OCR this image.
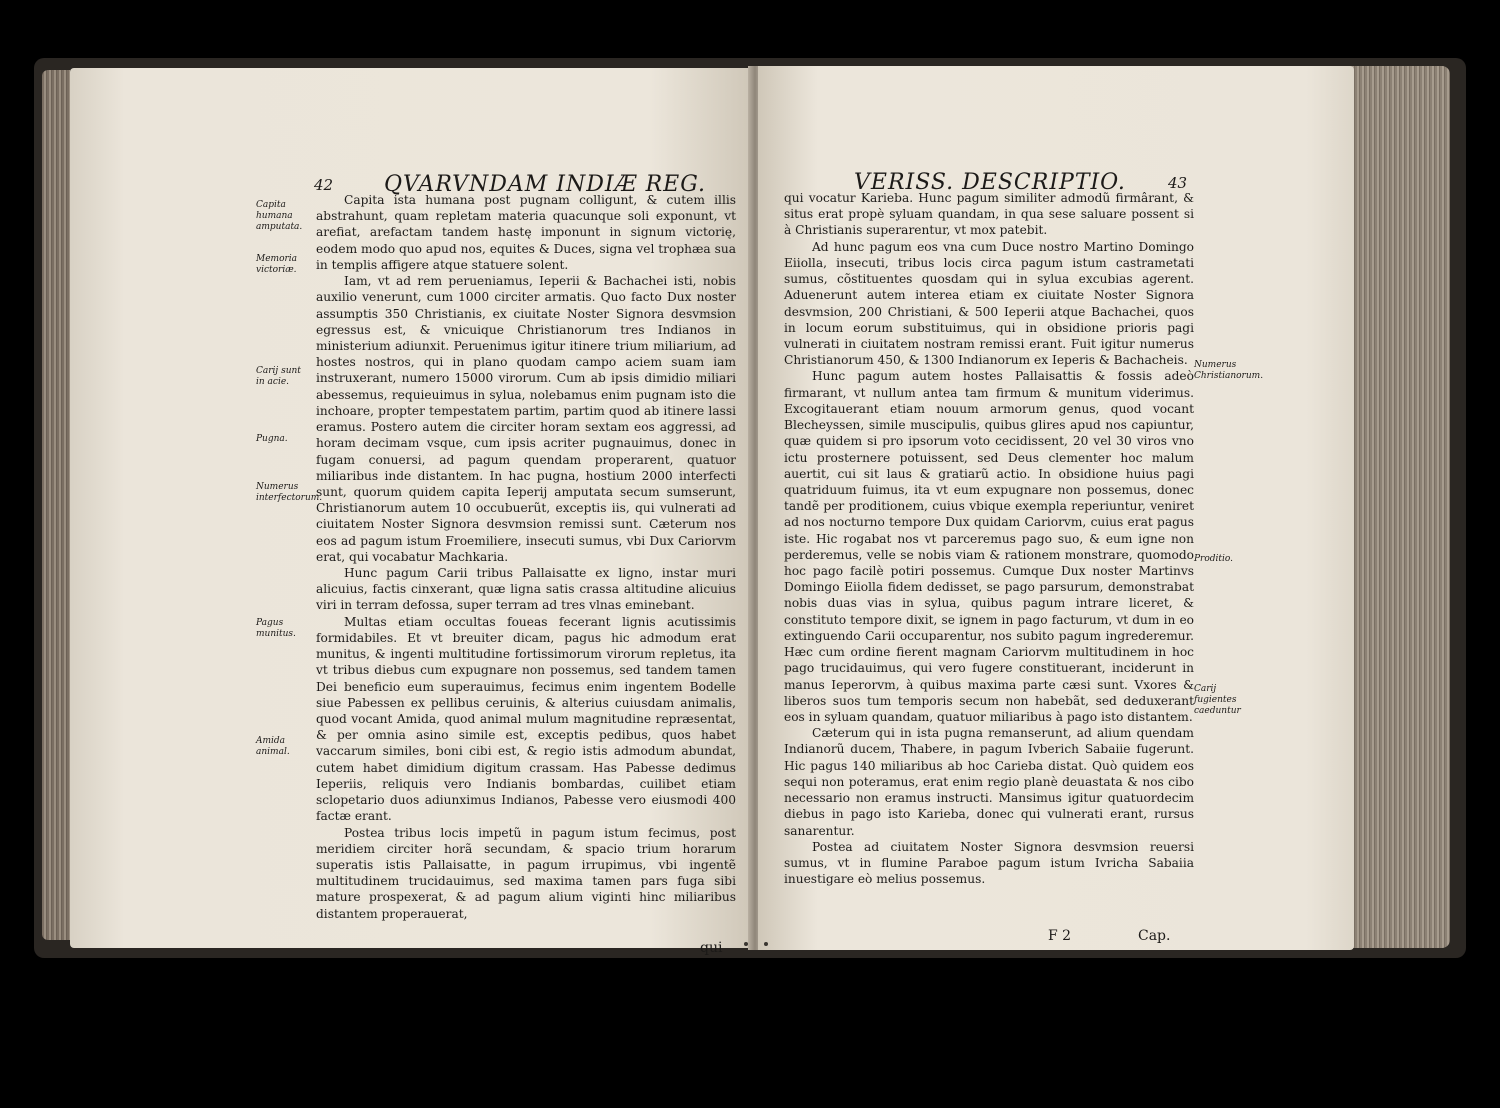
42 QVARVNDAM INDIÆ REG.
Capita humana amputata.
Memoria victoriæ.
Carij sunt in acie.
Pugna.
Numerus interfectorum.
Pagus munitus.
Amida animal.

Capita ista humana post pugnam colligunt, & cutem illis abstrahunt, quam repletam materia quacunque soli exponunt, vt arefiat, arefactam tandem hastę imponunt in signum victorię, eodem modo quo apud nos, equites & Duces, signa vel trophæa sua in templis affigere atque statuere solent.

Iam, vt ad rem perueniamus, Ieperii & Bachachei isti, nobis auxilio venerunt, cum 1000 circiter armatis. Quo facto Dux noster assumptis 350 Christianis, ex ciuitate Noster Signora desvmsion egressus est, & vnicuique Christianorum tres Indianos in ministerium adiunxit. Peruenimus igitur itinere trium miliarium, ad hostes nostros, qui in plano quodam campo aciem suam iam instruxerant, numero 15000 virorum. Cum ab ipsis dimidio miliari abessemus, requieuimus in sylua, nolebamus enim pugnam isto die inchoare, propter tempestatem partim, partim quod ab itinere lassi eramus. Postero autem die circiter horam sextam eos aggressi, ad horam decimam vsque, cum ipsis acriter pugnauimus, donec in fugam conuersi, ad pagum quendam properarent, quatuor miliaribus inde distantem. In hac pugna, hostium 2000 interfecti sunt, quorum quidem capita Ieperij amputata secum sumserunt, Christianorum autem 10 occubuerũt, exceptis iis, qui vulnerati ad ciuitatem Noster Signora desvmsion remissi sunt. Cæterum nos eos ad pagum istum Froemiliere, insecuti sumus, vbi Dux Cariorvm erat, qui vocabatur Machkaria.

Hunc pagum Carii tribus Pallaisatte ex ligno, instar muri alicuius, factis cinxerant, quæ ligna satis crassa altitudine alicuius viri in terram defossa, super terram ad tres vlnas eminebant.

Multas etiam occultas foueas fecerant lignis acutissimis formidabiles. Et vt breuiter dicam, pagus hic admodum erat munitus, & ingenti multitudine fortissimorum virorum repletus, ita vt tribus diebus cum expugnare non possemus, sed tandem tamen Dei beneficio eum superauimus, fecimus enim ingentem Bodelle siue Pabessen ex pellibus ceruinis, & alterius cuiusdam animalis, quod vocant Amida, quod animal mulum magnitudine repræsentat, & per omnia asino simile est, exceptis pedibus, quos habet vaccarum similes, boni cibi est, & regio istis admodum abundat, cutem habet dimidium digitum crassam. Has Pabesse dedimus Ieperiis, reliquis vero Indianis bombardas, cuilibet etiam sclopetario duos adiunximus Indianos, Pabesse vero eiusmodi 400 factæ erant.

Postea tribus locis impetũ in pagum istum fecimus, post meridiem circiter horã secundam, & spacio trium horarum superatis istis Pallaisatte, in pagum irrupimus, vbi ingentẽ multitudinem trucidauimus, sed maxima tamen pars fuga sibi mature prospexerat, & ad pagum alium viginti hinc miliaribus distantem properauerat,

qui
VERISS. DESCRIPTIO.	43

qui vocatur Karieba. Hunc pagum similiter admodũ firmârant, & situs erat propè syluam quandam, in qua sese saluare possent si à Christianis superarentur, vt mox patebit.

Ad hunc pagum eos vna cum Duce nostro Martino Domingo Eiiolla, insecuti, tribus locis circa pagum istum castrametati sumus, cõstituentes quosdam qui in sylua excubias agerent. Aduenerunt autem interea etiam ex ciuitate Noster Signora desvmsion, 200 Christiani, & 500 Ieperii atque Bachachei, quos in locum eorum substituimus, qui in obsidione prioris pagi vulnerati in ciuitatem nostram remissi erant. Fuit igitur numerus Christianorum 450, & 1300 Indianorum ex Ieperis & Bachacheis.

Hunc pagum autem hostes Pallaisattis & fossis adeò firmarant, vt nullum antea tam firmum & munitum viderimus. Excogitauerant etiam nouum armorum genus, quod vocant Blecheyssen, simile muscipulis, quibus glires apud nos capiuntur, quæ quidem si pro ipsorum voto cecidissent, 20 vel 30 viros vno ictu prosternere potuissent, sed Deus clementer hoc malum auertit, cui sit laus & gratiarũ actio. In obsidione huius pagi quatriduum fuimus, ita vt eum expugnare non possemus, donec tandẽ per proditionem, cuius vbique exempla reperiuntur, veniret ad nos nocturno tempore Dux quidam Cariorvm, cuius erat pagus iste. Hic rogabat nos vt parceremus pago suo, & eum igne non perderemus, velle se nobis viam & rationem monstrare, quomodo hoc pago facilè potiri possemus. Cumque Dux noster Martinvs Domingo Eiiolla fidem dedisset, se pago parsurum, demonstrabat nobis duas vias in sylua, quibus pagum intrare liceret, & constituto tempore dixit, se ignem in pago facturum, vt dum in eo extinguendo Carii occuparentur, nos subito pagum ingrederemur. Hæc cum ordine fierent magnam Cariorvm multitudinem in hoc pago trucidauimus, qui vero fugere constituerant, inciderunt in manus Ieperorvm, à quibus maxima parte cæsi sunt. Vxores & liberos suos tum temporis secum non habebãt, sed deduxerant eos in syluam quandam, quatuor miliaribus à pago isto distantem.

Cæterum qui in ista pugna remanserunt, ad alium quendam Indianorũ ducem, Thabere, in pagum Ivberich Sabaiie fugerunt. Hic pagus 140 miliaribus ab hoc Carieba distat. Quò quidem eos sequi non poteramus, erat enim regio planè deuastata & nos cibo necessario non eramus instructi. Mansimus igitur quatuordecim diebus in pago isto Karieba, donec qui vulnerati erant, rursus sanarentur.

Postea ad ciuitatem Noster Signora desvmsion reuersi sumus, vt in flumine Paraboe pagum istum Ivricha Sabaiia inuestigare eò melius possemus.

Numerus Christianorum.
Proditio.
Carij fugientes caeduntur
F 2	Cap.
